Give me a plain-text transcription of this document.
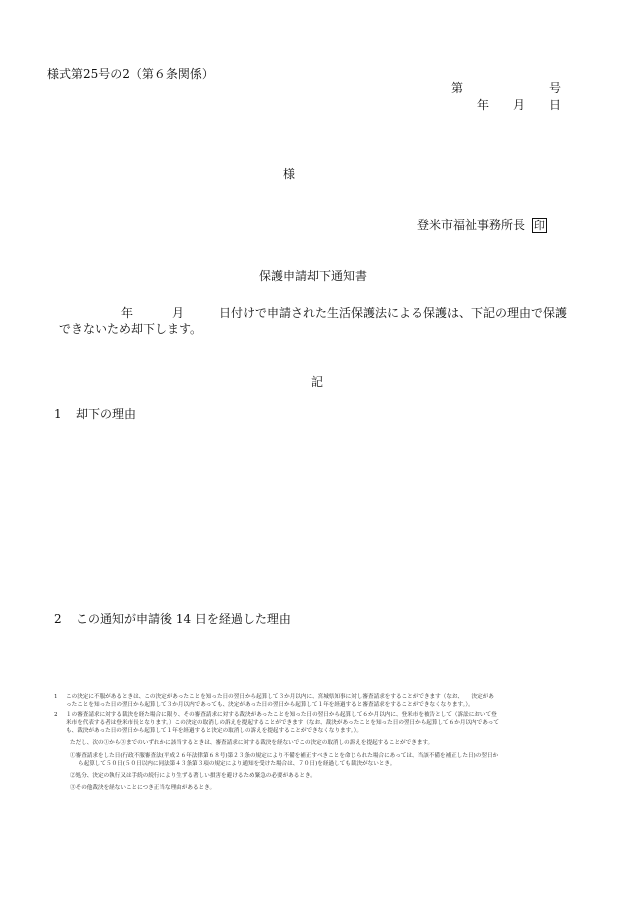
様式第25号の2（第６条関係）
第	号
年 月 日
様
登米市福祉事務所長 印
保護申請却下通知書
年	月	日付けで申請された生活保護法による保護は、下記の理由で保護
できないため却下します。
記
1 却下の理由
2 この通知が申請後 14 日を経過した理由
1 この決定に不服があるときは、この決定があったことを知った日の翌日から起算して３か月以内に、宮城県知事に対し審査請求をすることができます（なお、　　決定があ
ったことを知った日の翌日から起算して３か月以内であっても、決定があった日の翌日から起算して１年を経過すると審査請求をすることができなくなります。）。
2 １の審査請求に対する裁決を経た場合に限り、その審査請求に対する裁決があったことを知った日の翌日から起算して６か月以内に、登米市を被告として（訴訟において登
米市を代表する者は登米市長となります。）この決定の取消しの訴えを提起することができます（なお、裁決があったことを知った日の翌日から起算して６か月以内であって
も、裁決があった日の翌日から起算して１年を経過すると決定の取消しの訴えを提起することができなくなります。）。
ただし、次の①から③までのいずれかに該当するときは、審査請求に対する裁決を経ないでこの決定の取消しの訴えを提起することができます。
①審査請求をした日(行政不服審査法(平成２６年法律第６８号)第２３条の規定により不備を補正すべきことを命じられた場合にあっては、当該不備を補正した日)の翌日か
ら起算して５０日(５０日以内に同法第４３条第３項の規定により通知を受けた場合は、７０日)を経過しても裁決がないとき。
②処分、決定の執行又は手続の続行により生ずる著しい損害を避けるため緊急の必要があるとき。
③その他裁決を経ないことにつき正当な理由があるとき。
